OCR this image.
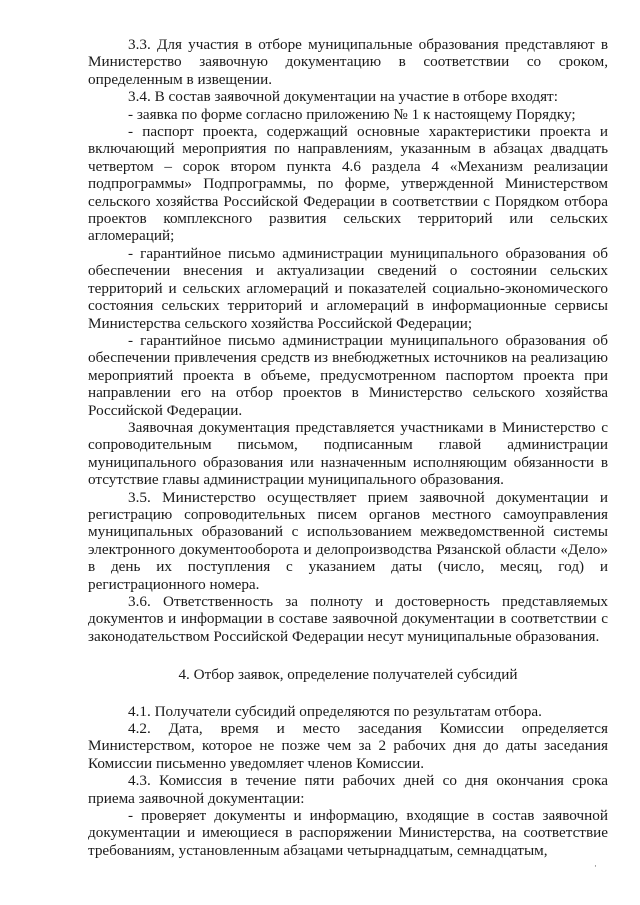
3.3. Для участия в отборе муниципальные образования представляют в Министерство заявочную документацию в соответствии со сроком, определенным в извещении.

3.4. В состав заявочной документации на участие в отборе входят:

- заявка по форме согласно приложению № 1 к настоящему Порядку;

- паспорт проекта, содержащий основные характеристики проекта и включающий мероприятия по направлениям, указанным в абзацах двадцать четвертом – сорок втором пункта 4.6 раздела 4 «Механизм реализации подпрограммы» Подпрограммы, по форме, утвержденной Министерством сельского хозяйства Российской Федерации в соответствии с Порядком отбора проектов комплексного развития сельских территорий или сельских агломераций;

- гарантийное письмо администрации муниципального образования об обеспечении внесения и актуализации сведений о состоянии сельских территорий и сельских агломераций и показателей социально-экономического состояния сельских территорий и агломераций в информационные сервисы Министерства сельского хозяйства Российской Федерации;

- гарантийное письмо администрации муниципального образования об обеспечении привлечения средств из внебюджетных источников на реализацию мероприятий проекта в объеме, предусмотренном паспортом проекта при направлении его на отбор проектов в Министерство сельского хозяйства Российской Федерации.

Заявочная документация представляется участниками в Министерство с сопроводительным письмом, подписанным главой администрации муниципального образования или назначенным исполняющим обязанности в отсутствие главы администрации муниципального образования.

3.5. Министерство осуществляет прием заявочной документации и регистрацию сопроводительных писем органов местного самоуправления муниципальных образований с использованием межведомственной системы электронного документооборота и делопроизводства Рязанской области «Дело» в день их поступления с указанием даты (число, месяц, год) и регистрационного номера.

3.6. Ответственность за полноту и достоверность представляемых документов и информации в составе заявочной документации в соответствии с законодательством Российской Федерации несут муниципальные образования.

4. Отбор заявок, определение получателей субсидий

4.1. Получатели субсидий определяются по результатам отбора.

4.2. Дата, время и место заседания Комиссии определяется Министерством, которое не позже чем за 2 рабочих дня до даты заседания Комиссии письменно уведомляет членов Комиссии.

4.3. Комиссия в течение пяти рабочих дней со дня окончания срока приема заявочной документации:

- проверяет документы и информацию, входящие в состав заявочной документации и имеющиеся в распоряжении Министерства, на соответствие требованиям, установленным абзацами четырнадцатым, семнадцатым,

·
